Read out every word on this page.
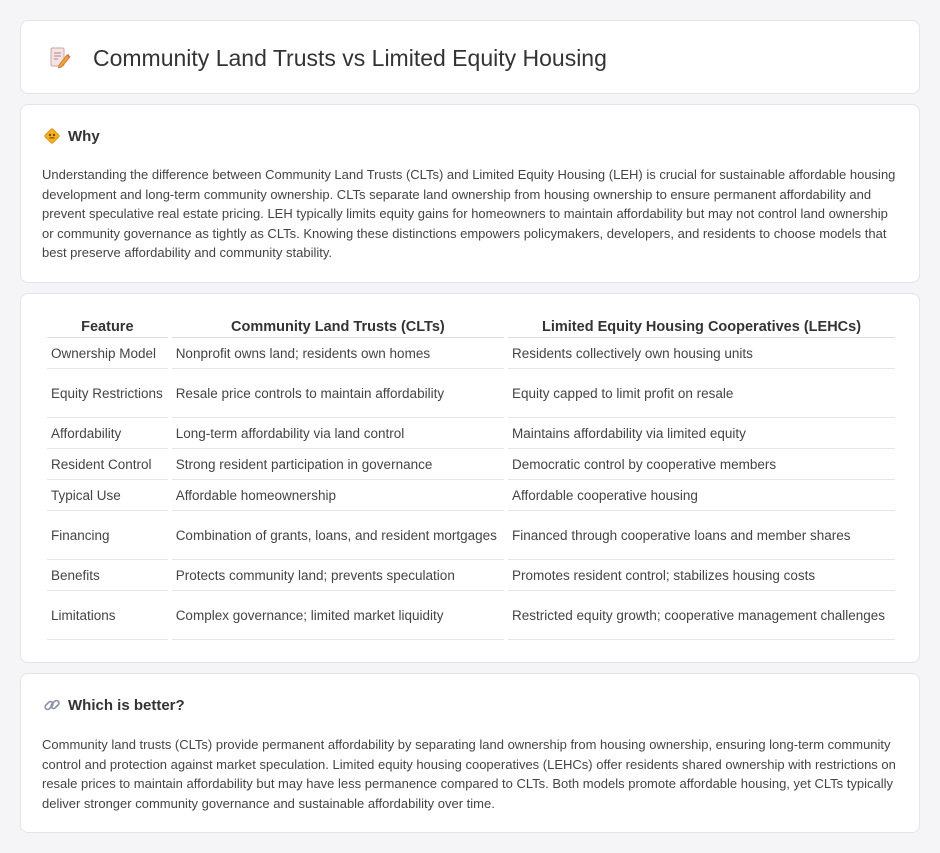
Community Land Trusts vs Limited Equity Housing
Why

Understanding the difference between Community Land Trusts (CLTs) and Limited Equity Housing (LEH) is crucial for sustainable affordable housing development and long-term community ownership. CLTs separate land ownership from housing ownership to ensure permanent affordability and prevent speculative real estate pricing. LEH typically limits equity gains for homeowners to maintain affordability but may not control land ownership or community governance as tightly as CLTs. Knowing these distinctions empowers policymakers, developers, and residents to choose models that best preserve affordability and community stability.

Feature	Community Land Trusts (CLTs)	Limited Equity Housing Cooperatives (LEHCs)
Ownership Model	Nonprofit owns land; residents own homes	Residents collectively own housing units
Equity Restrictions	Resale price controls to maintain affordability	Equity capped to limit profit on resale
Affordability	Long-term affordability via land control	Maintains affordability via limited equity
Resident Control	Strong resident participation in governance	Democratic control by cooperative members
Typical Use	Affordable homeownership	Affordable cooperative housing
Financing	Combination of grants, loans, and resident mortgages	Financed through cooperative loans and member shares
Benefits	Protects community land; prevents speculation	Promotes resident control; stabilizes housing costs
Limitations	Complex governance; limited market liquidity	Restricted equity growth; cooperative management challenges
Which is better?

Community land trusts (CLTs) provide permanent affordability by separating land ownership from housing ownership, ensuring long-term community control and protection against market speculation. Limited equity housing cooperatives (LEHCs) offer residents shared ownership with restrictions on resale prices to maintain affordability but may have less permanence compared to CLTs. Both models promote affordable housing, yet CLTs typically deliver stronger community governance and sustainable affordability over time.
